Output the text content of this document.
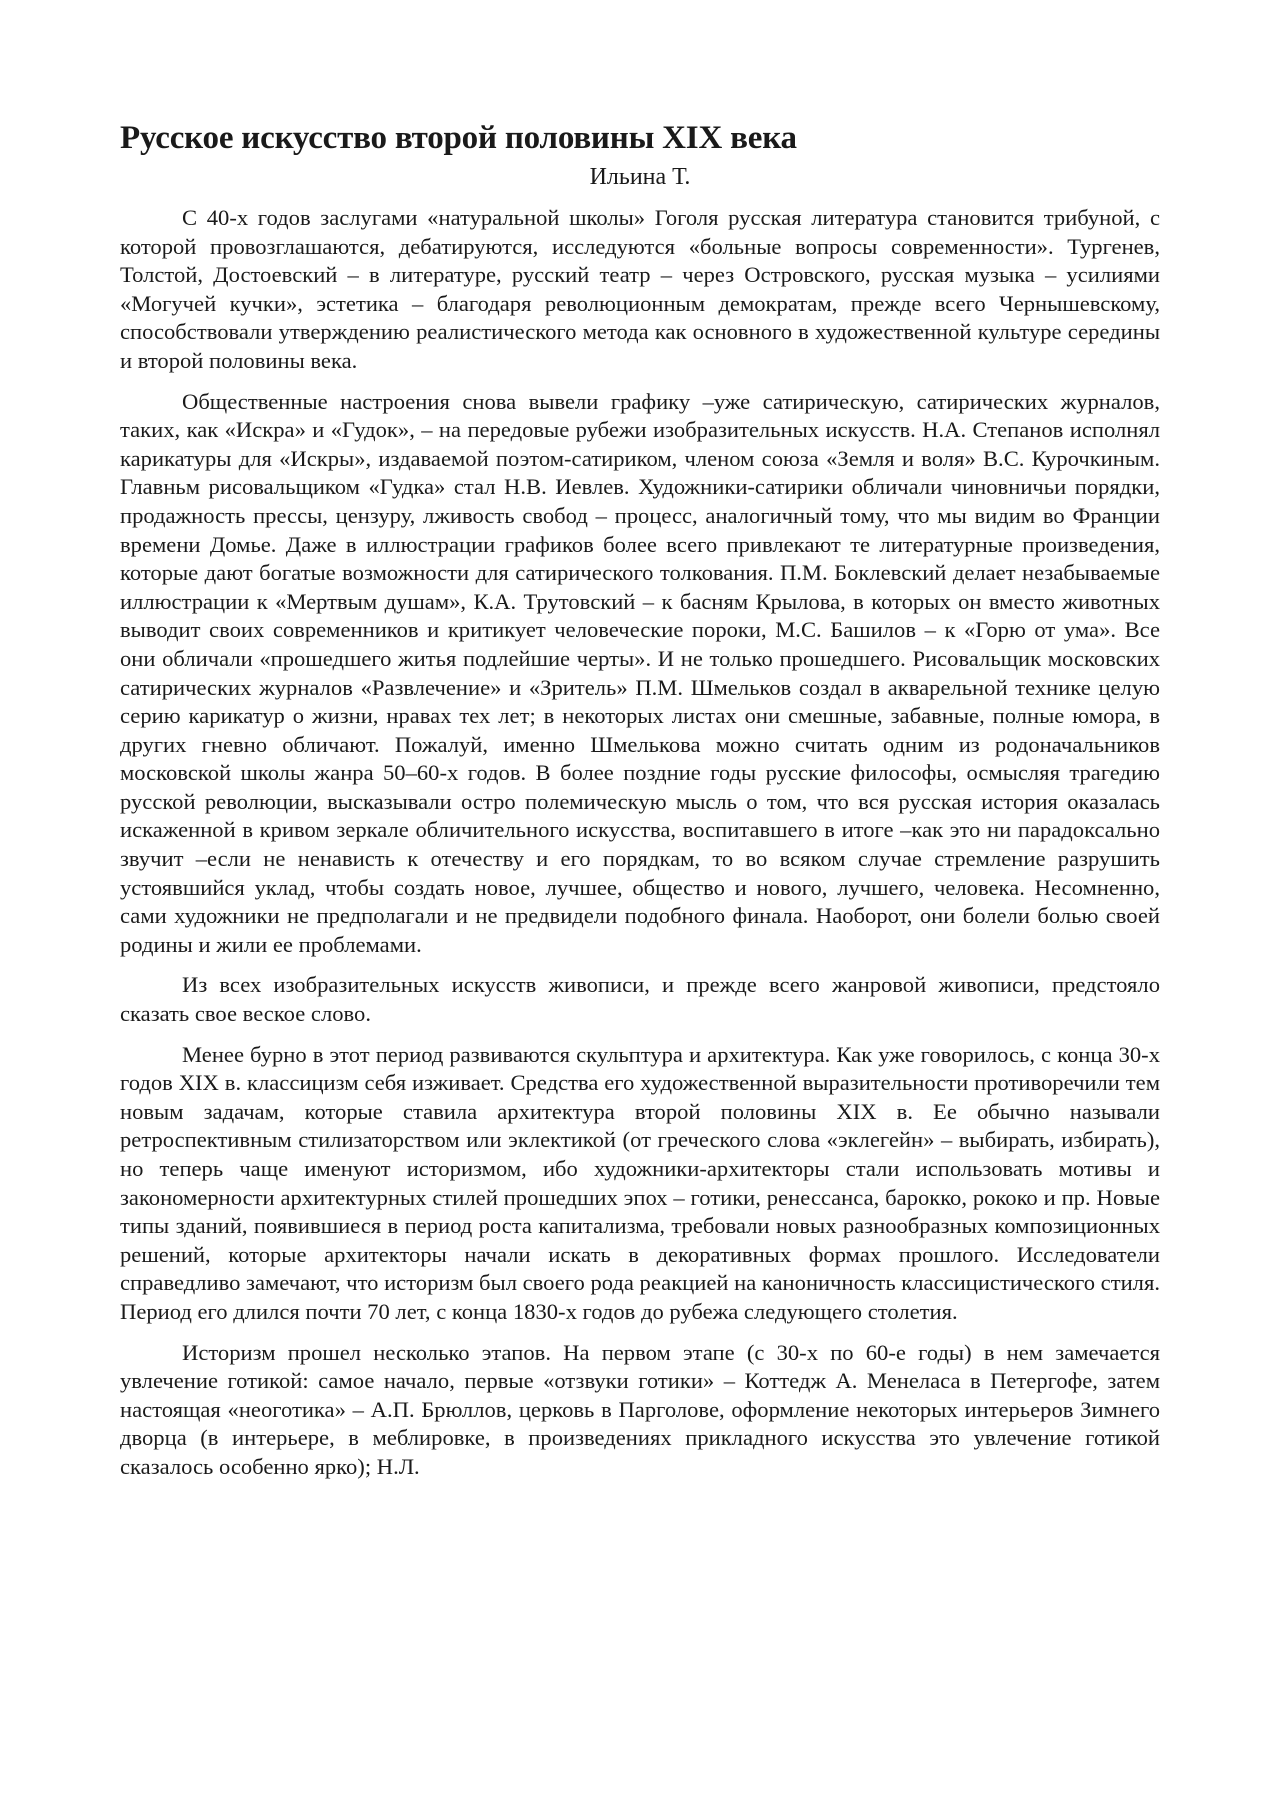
Русское искусство второй половины XIX века
Ильина Т.

С 40-х годов заслугами «натуральной школы» Гоголя русская литература становится трибуной, с которой провозглашаются, дебатируются, исследуются «больные вопросы современности». Тургенев, Толстой, Достоевский – в литературе, русский театр – через Островского, русская музыка – усилиями «Могучей кучки», эстетика – благодаря революционным демократам, прежде всего Чернышевскому, способствовали утверждению реалистического метода как основного в художественной культуре середины и второй половины века.

Общественные настроения снова вывели графику –уже сатирическую, сатирических журналов, таких, как «Искра» и «Гудок», – на передовые рубежи изобразительных искусств. Н.А. Степанов исполнял карикатуры для «Искры», издаваемой поэтом-сатириком, членом союза «Земля и воля» В.С. Курочкиным. Главньм рисовальщиком «Гудка» стал Н.В. Иевлев. Художники-сатирики обличали чиновничьи порядки, продажность прессы, цензуру, лживость свобод – процесс, аналогичный тому, что мы видим во Франции времени Домье. Даже в иллюстрации графиков более всего привлекают те литературные произведения, которые дают богатые возможности для сатирического толкования. П.М. Боклевский делает незабываемые иллюстрации к «Мертвым душам», К.А. Трутовский – к басням Крылова, в которых он вместо животных выводит своих современников и критикует человеческие пороки, М.С. Башилов – к «Горю от ума». Все они обличали «прошедшего житья подлейшие черты». И не только прошедшего. Рисовальщик московских сатирических журналов «Развлечение» и «Зритель» П.М. Шмельков создал в акварельной технике целую серию карикатур о жизни, нравах тех лет; в некоторых листах они смешные, забавные, полные юмора, в других гневно обличают. Пожалуй, именно Шмелькова можно считать одним из родоначальников московской школы жанра 50–60-х годов. В более поздние годы русские философы, осмысляя трагедию русской революции, высказывали остро полемическую мысль о том, что вся русская история оказалась искаженной в кривом зеркале обличительного искусства, воспитавшего в итоге –как это ни парадоксально звучит –если не ненависть к отечеству и его порядкам, то во всяком случае стремление разрушить устоявшийся уклад, чтобы создать новое, лучшее, общество и нового, лучшего, человека. Несомненно, сами художники не предполагали и не предвидели подобного финала. Наоборот, они болели болью своей родины и жили ее проблемами.

Из всех изобразительных искусств живописи, и прежде всего жанровой живописи, предстояло сказать свое веское слово.

Менее бурно в этот период развиваются скульптура и архитектура. Как уже говорилось, с конца 30-х годов XIX в. классицизм себя изживает. Средства его художественной выразительности противоречили тем новым задачам, которые ставила архитектура второй половины XIX в. Ее обычно называли ретроспективным стилизаторством или эклектикой (от греческого слова «эклегейн» – выбирать, избирать), но теперь чаще именуют историзмом, ибо художники-архитекторы стали использовать мотивы и закономерности архитектурных стилей прошедших эпох – готики, ренессанса, барокко, рококо и пр. Новые типы зданий, появившиеся в период роста капитализма, требовали новых разнообразных композиционных решений, которые архитекторы начали искать в декоративных формах прошлого. Исследователи справедливо замечают, что историзм был своего рода реакцией на каноничность классицистического стиля. Период его длился почти 70 лет, с конца 1830-х годов до рубежа следующего столетия.

Историзм прошел несколько этапов. На первом этапе (с 30-х по 60-е годы) в нем замечается увлечение готикой: самое начало, первые «отзвуки готики» – Коттедж А. Менеласа в Петергофе, затем настоящая «неоготика» – А.П. Брюллов, церковь в Парголове, оформление некоторых интерьеров Зимнего дворца (в интерьере, в меблировке, в произведениях прикладного искусства это увлечение готикой сказалось особенно ярко); Н.Л.
